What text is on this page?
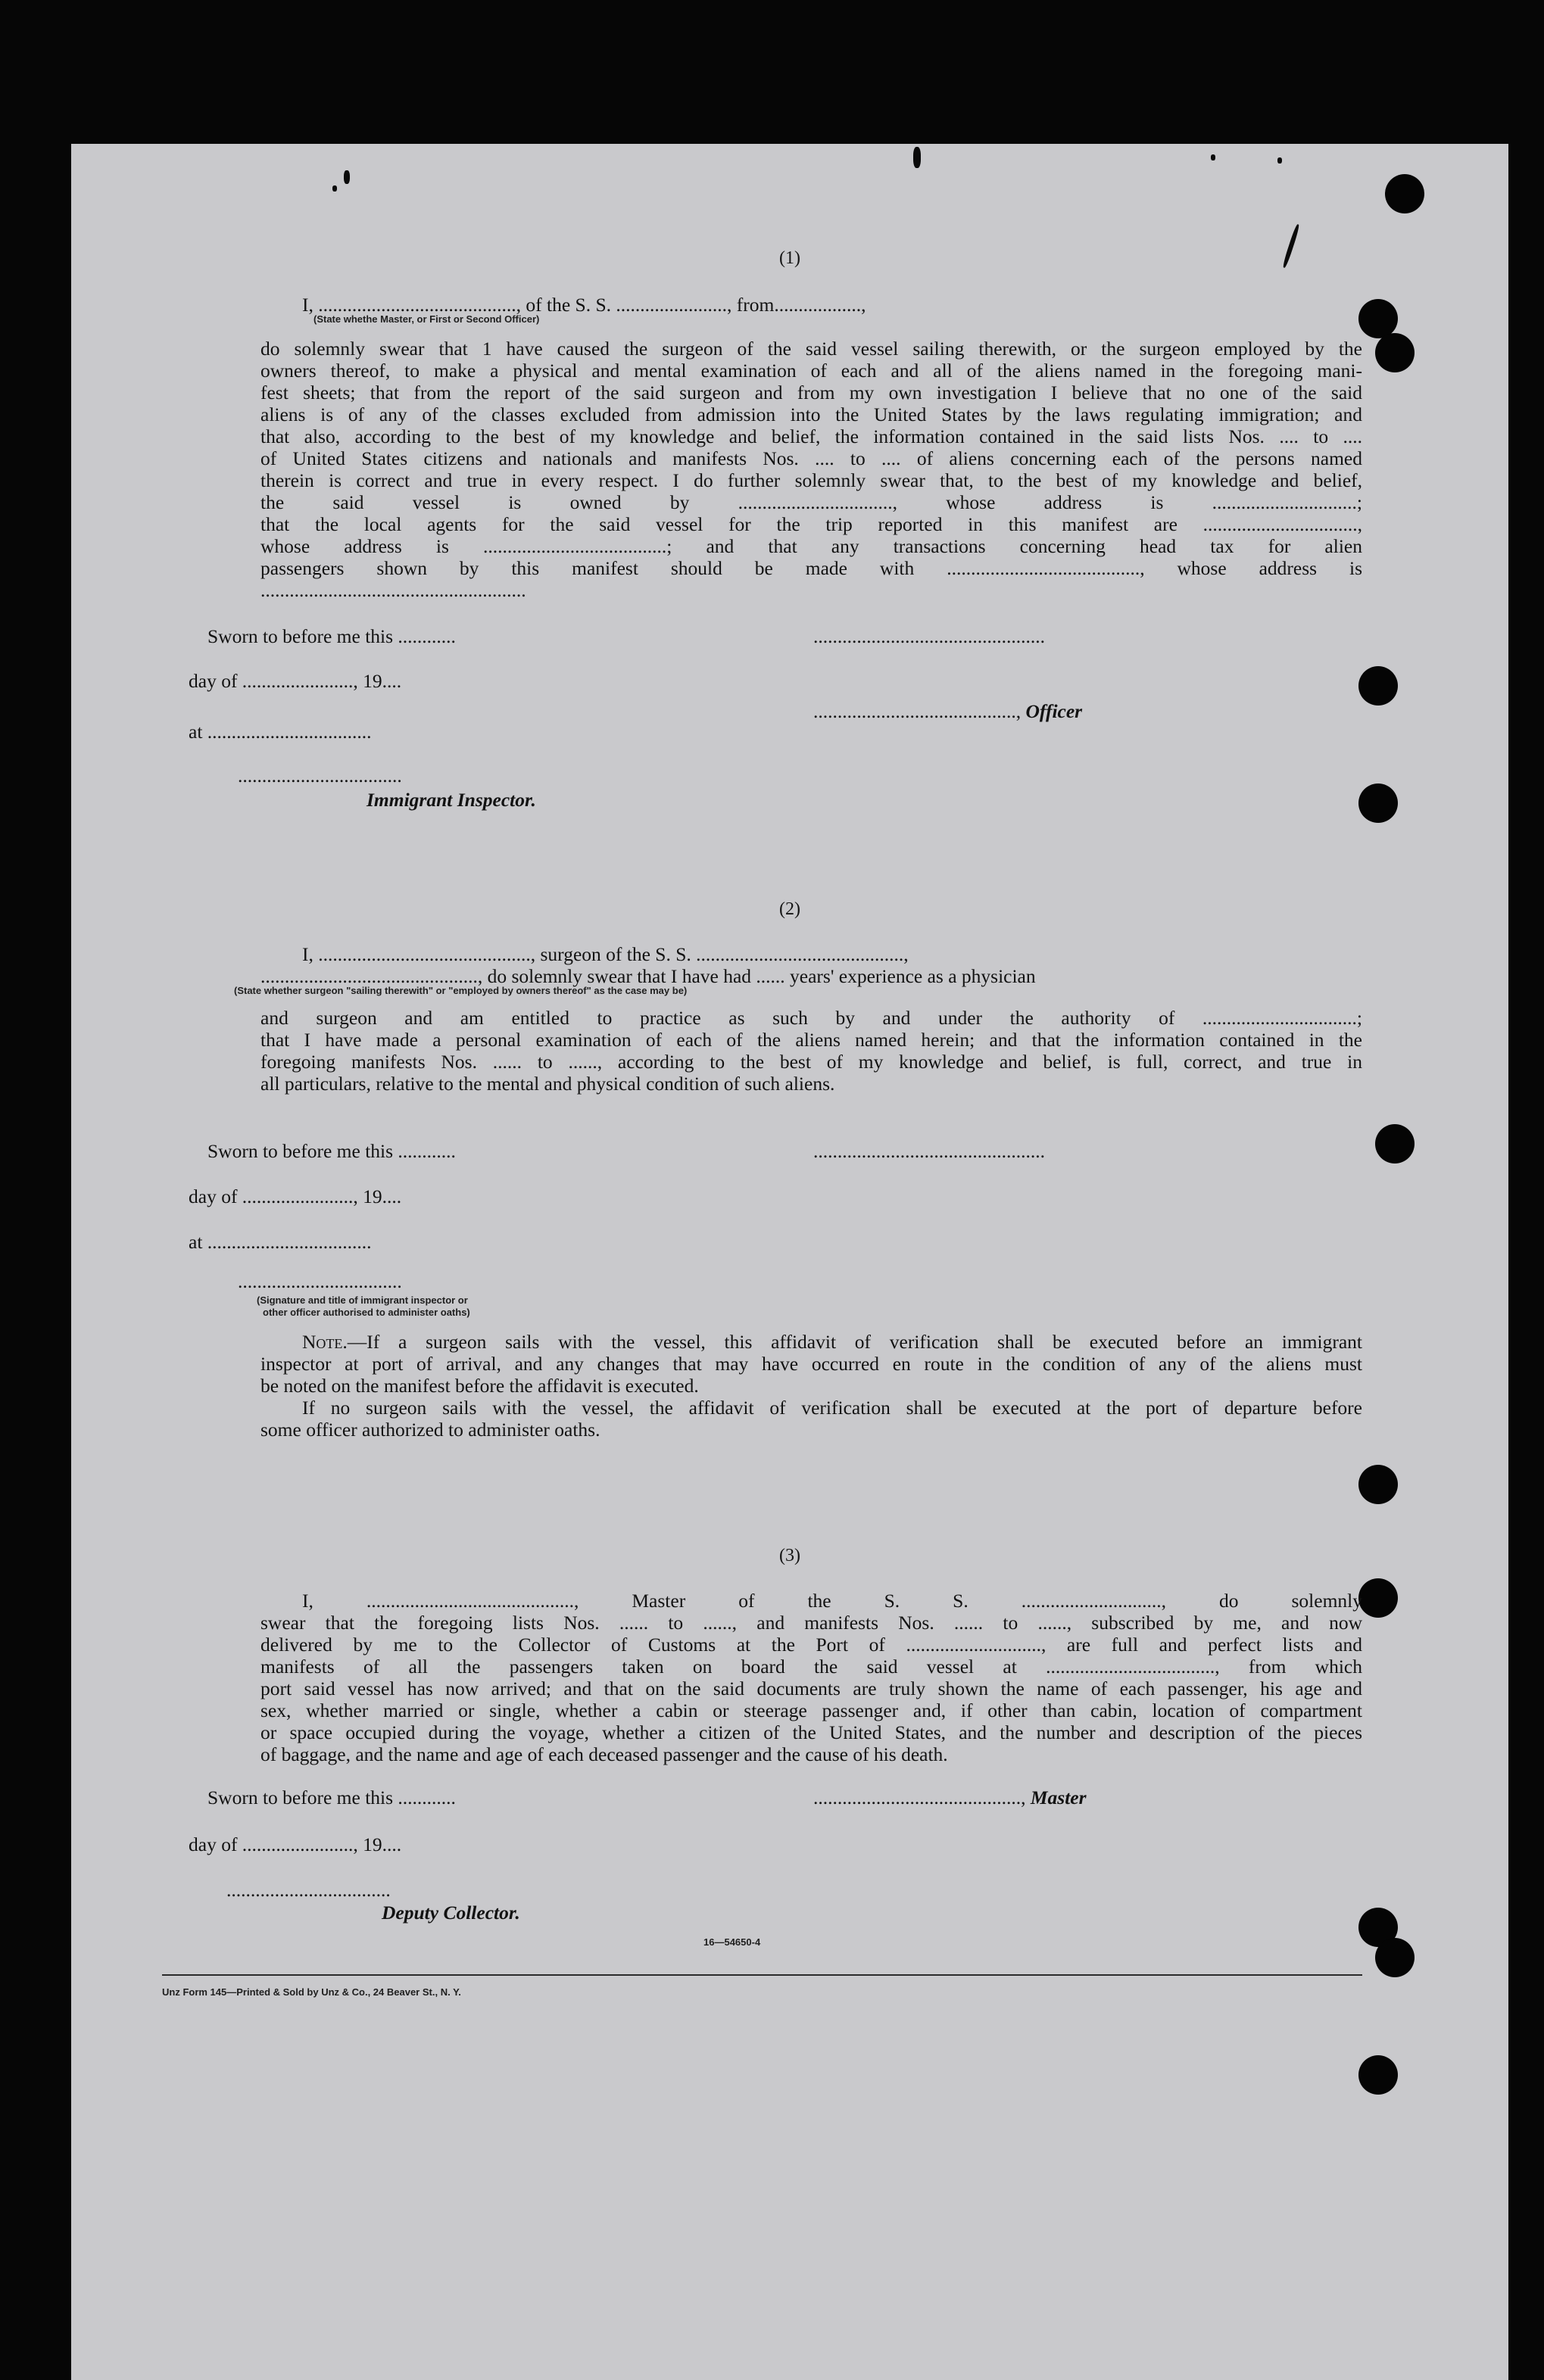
(1)
I, ........................................., of the S. S. ......................., from..................,
(State whethe Master, or First or Second Officer)
do solemnly swear that 1 have caused the surgeon of the said vessel sailing therewith, or the surgeon employed by the
owners thereof, to make a physical and mental examination of each and all of the aliens named in the foregoing mani-
fest sheets; that from the report of the said surgeon and from my own investigation I believe that no one of the said
aliens is of any of the classes excluded from admission into the United States by the laws regulating immigration; and
that also, according to the best of my knowledge and belief, the information contained in the said lists Nos. .... to ....
of United States citizens and nationals and manifests Nos. .... to .... of aliens concerning each of the persons named
therein is correct and true in every respect. I do further solemnly swear that, to the best of my knowledge and belief,
the said vessel is owned by ................................, whose address is ..............................;
that the local agents for the said vessel for the trip reported in this manifest are ................................,
whose address is ......................................; and that any transactions concerning head tax for alien
passengers shown by this manifest should be made with ........................................, whose address is
.......................................................
Sworn to before me this ............	................................................
day of ......................., 19....
.........................................., Officer
at ..................................
..................................
Immigrant Inspector.
(2)
I, ............................................, surgeon of the S. S. ...........................................,
............................................., do solemnly swear that I have had ...... years' experience as a physician
(State whether surgeon "sailing therewith" or "employed by owners thereof" as the case may be)
and surgeon and am entitled to practice as such by and under the authority of ................................;
that I have made a personal examination of each of the aliens named herein; and that the information contained in the
foregoing manifests Nos. ...... to ......, according to the best of my knowledge and belief, is full, correct, and true in
all particulars, relative to the mental and physical condition of such aliens.
Sworn to before me this ............	................................................
day of ......................., 19....
at ..................................
..................................
(Signature and title of immigrant inspector or
other officer authorised to administer oaths)
Note.—If a surgeon sails with the vessel, this affidavit of verification shall be executed before an immigrant
inspector at port of arrival, and any changes that may have occurred en route in the condition of any of the aliens must
be noted on the manifest before the affidavit is executed.
If no surgeon sails with the vessel, the affidavit of verification shall be executed at the port of departure before
some officer authorized to administer oaths.
(3)
I, ..........................................., Master of the S. S. ............................., do solemnly
swear that the foregoing lists Nos. ...... to ......, and manifests Nos. ...... to ......, subscribed by me, and now
delivered by me to the Collector of Customs at the Port of ............................, are full and perfect lists and
manifests of all the passengers taken on board the said vessel at ..................................., from which
port said vessel has now arrived; and that on the said documents are truly shown the name of each passenger, his age and
sex, whether married or single, whether a cabin or steerage passenger and, if other than cabin, location of compartment
or space occupied during the voyage, whether a citizen of the United States, and the number and description of the pieces
of baggage, and the name and age of each deceased passenger and the cause of his death.
Sworn to before me this ............	..........................................., Master
day of ......................., 19....
..................................
Deputy Collector.
16—54650-4
Unz Form 145—Printed & Sold by Unz & Co., 24 Beaver St., N. Y.
